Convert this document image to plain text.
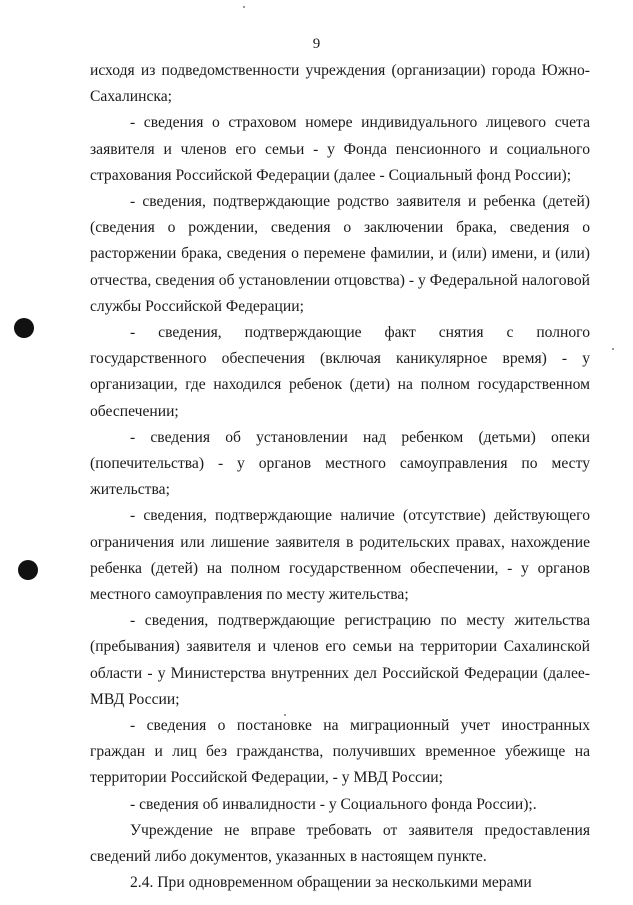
9

исходя из подведомственности учреждения (организации) города Южно-Сахалинска;

- сведения о страховом номере индивидуального лицевого счета заявителя и членов его семьи - у Фонда пенсионного и социального страхования Российской Федерации (далее - Социальный фонд России);

- сведения, подтверждающие родство заявителя и ребенка (детей) (сведения о рождении, сведения о заключении брака, сведения о расторжении брака, сведения о перемене фамилии, и (или) имени, и (или) отчества, сведения об установлении отцовства) - у Федеральной налоговой службы Российской Федерации;

- сведения, подтверждающие факт снятия с полного государственного обеспечения (включая каникулярное время) - у организации, где находился ребенок (дети) на полном государственном обеспечении;

- сведения об установлении над ребенком (детьми) опеки (попечительства) - у органов местного самоуправления по месту жительства;

- сведения, подтверждающие наличие (отсутствие) действующего ограничения или лишение заявителя в родительских правах, нахождение ребенка (детей) на полном государственном обеспечении, - у органов местного самоуправления по месту жительства;

- сведения, подтверждающие регистрацию по месту жительства (пребывания) заявителя и членов его семьи на территории Сахалинской области - у Министерства внутренних дел Российской Федерации (далее- МВД России;

- сведения о постановке на миграционный учет иностранных граждан и лиц без гражданства, получивших временное убежище на территории Российской Федерации, - у МВД России;

- сведения об инвалидности - у Социального фонда России);.

Учреждение не вправе требовать от заявителя предоставления сведений либо документов, указанных в настоящем пункте.

2.4. При одновременном обращении за несколькими мерами
